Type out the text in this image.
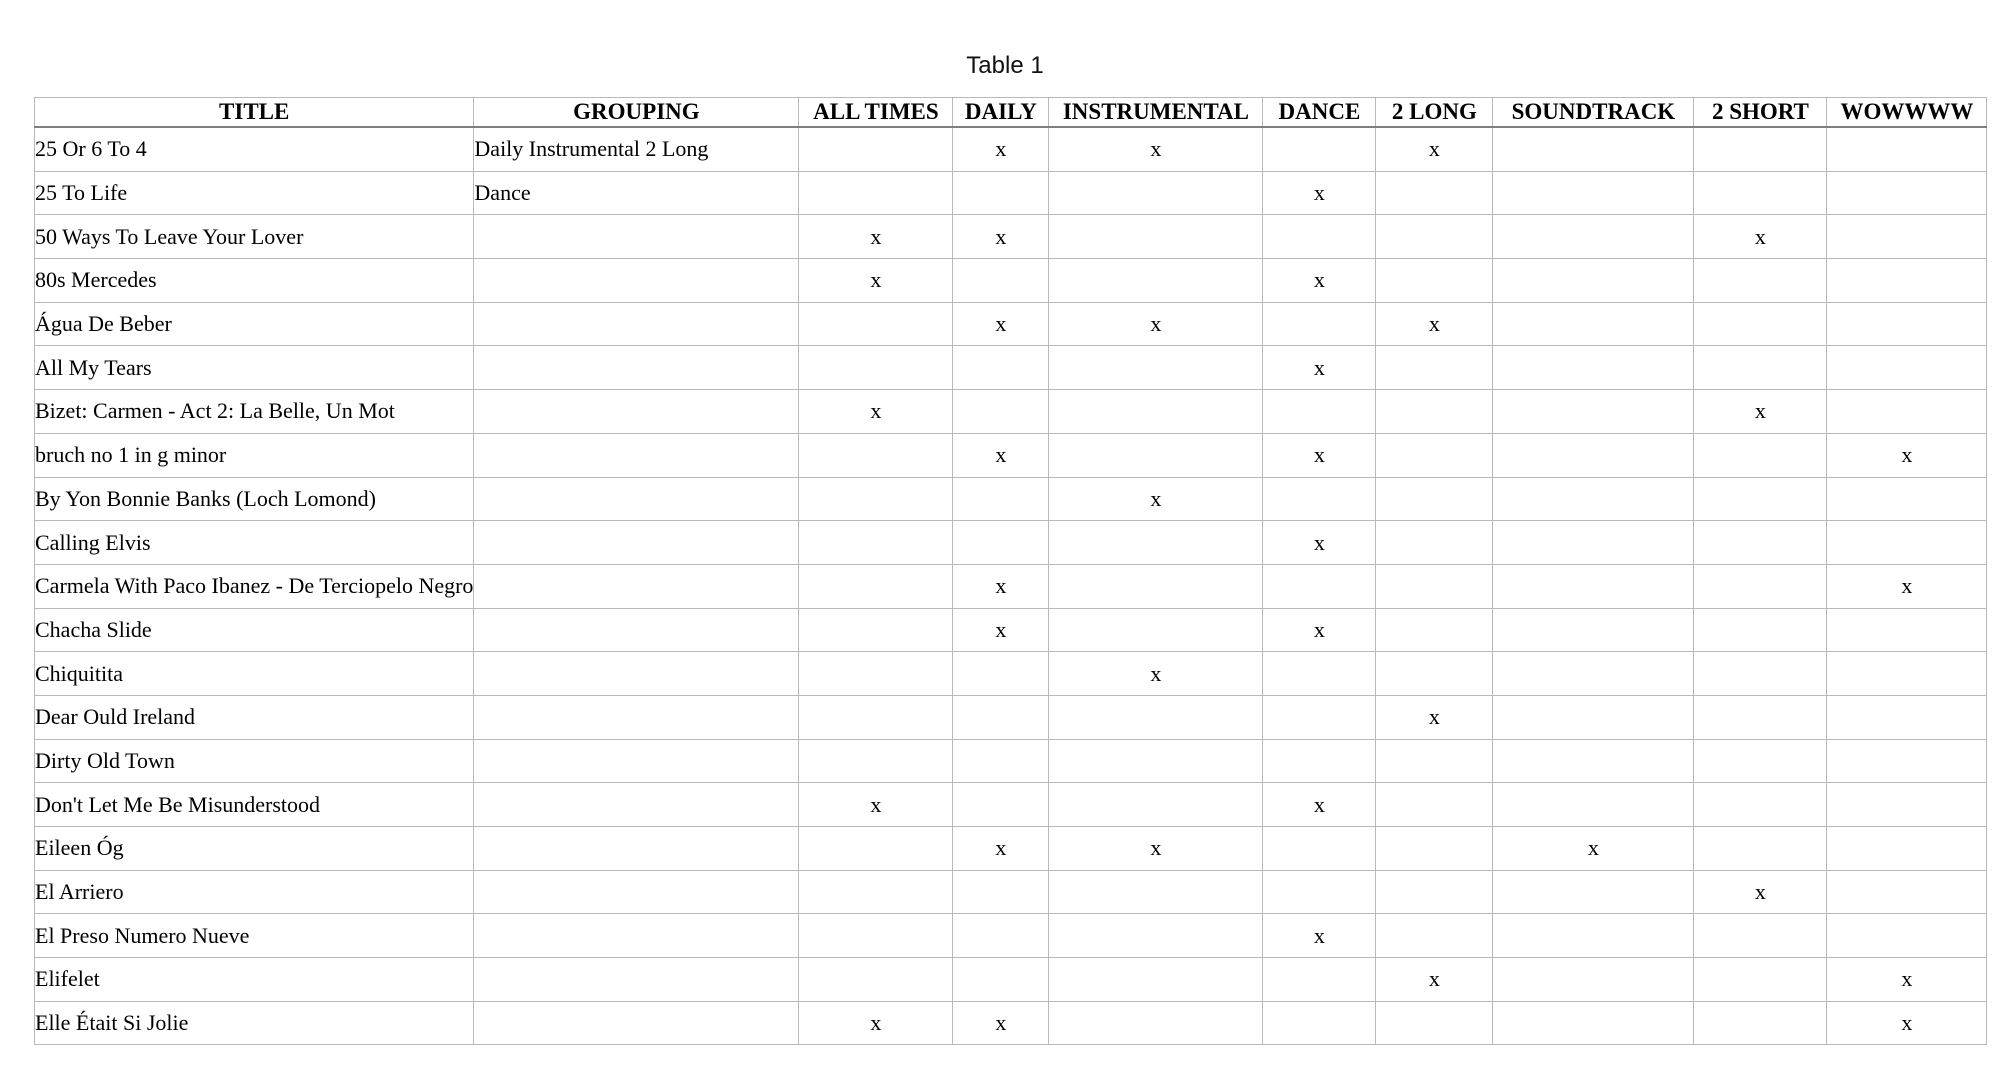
Table 1
TITLE	GROUPING	ALL TIMES	DAILY	INSTRUMENTAL	DANCE	2 LONG	SOUNDTRACK	2 SHORT	WOWWWW
25 Or 6 To 4	Daily Instrumental 2 Long		x	x		x			
25 To Life	Dance				x				
50 Ways To Leave Your Lover		x	x					x	
80s Mercedes		x			x				
Água De Beber			x	x		x			
All My Tears					x				
Bizet: Carmen - Act 2: La Belle, Un Mot		x						x	
bruch no 1 in g minor			x		x				x
By Yon Bonnie Banks (Loch Lomond)				x					
Calling Elvis					x				
Carmela With Paco Ibanez - De Terciopelo Negro			x						x
Chacha Slide			x		x				
Chiquitita				x					
Dear Ould Ireland						x			
Dirty Old Town									
Don't Let Me Be Misunderstood		x			x				
Eileen Óg			x	x			x		
El Arriero								x	
El Preso Numero Nueve					x				
Elifelet						x			x
Elle Était Si Jolie		x	x						x
